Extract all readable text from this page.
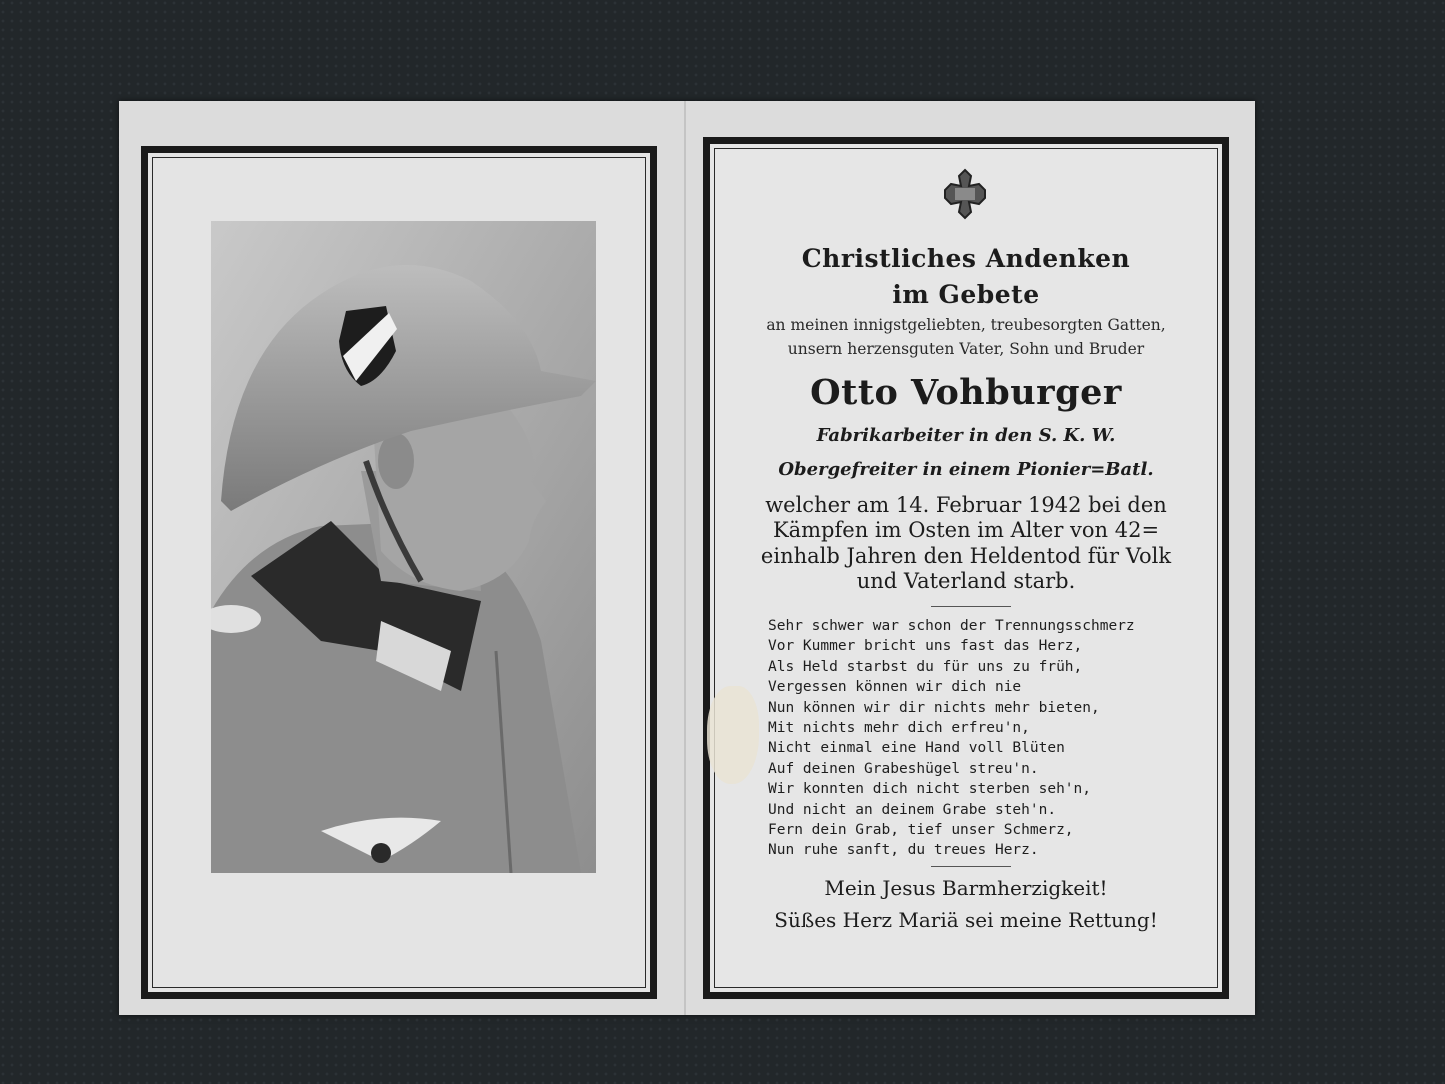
Christliches Andenken
im Gebete
an meinen innigstgeliebten, treubesorgten Gatten,
unsern herzensguten Vater, Sohn und Bruder
Otto Vohburger
Fabrikarbeiter in den S. K. W.
Obergefreiter in einem Pionier=Batl.
welcher am 14. Februar 1942 bei den
Kämpfen im Osten im Alter von 42=
einhalb Jahren den Heldentod für Volk
und Vaterland starb.
Sehr schwer war schon der Trennungsschmerz
Vor Kummer bricht uns fast das Herz,
Als Held starbst du für uns zu früh,
Vergessen können wir dich nie
Nun können wir dir nichts mehr bieten,
Mit nichts mehr dich erfreu'n,
Nicht einmal eine Hand voll Blüten
Auf deinen Grabeshügel streu'n.
Wir konnten dich nicht sterben seh'n,
Und nicht an deinem Grabe steh'n.
Fern dein Grab, tief unser Schmerz,
Nun ruhe sanft, du treues Herz.
Mein Jesus Barmherzigkeit!
Süßes Herz Mariä sei meine Rettung!
